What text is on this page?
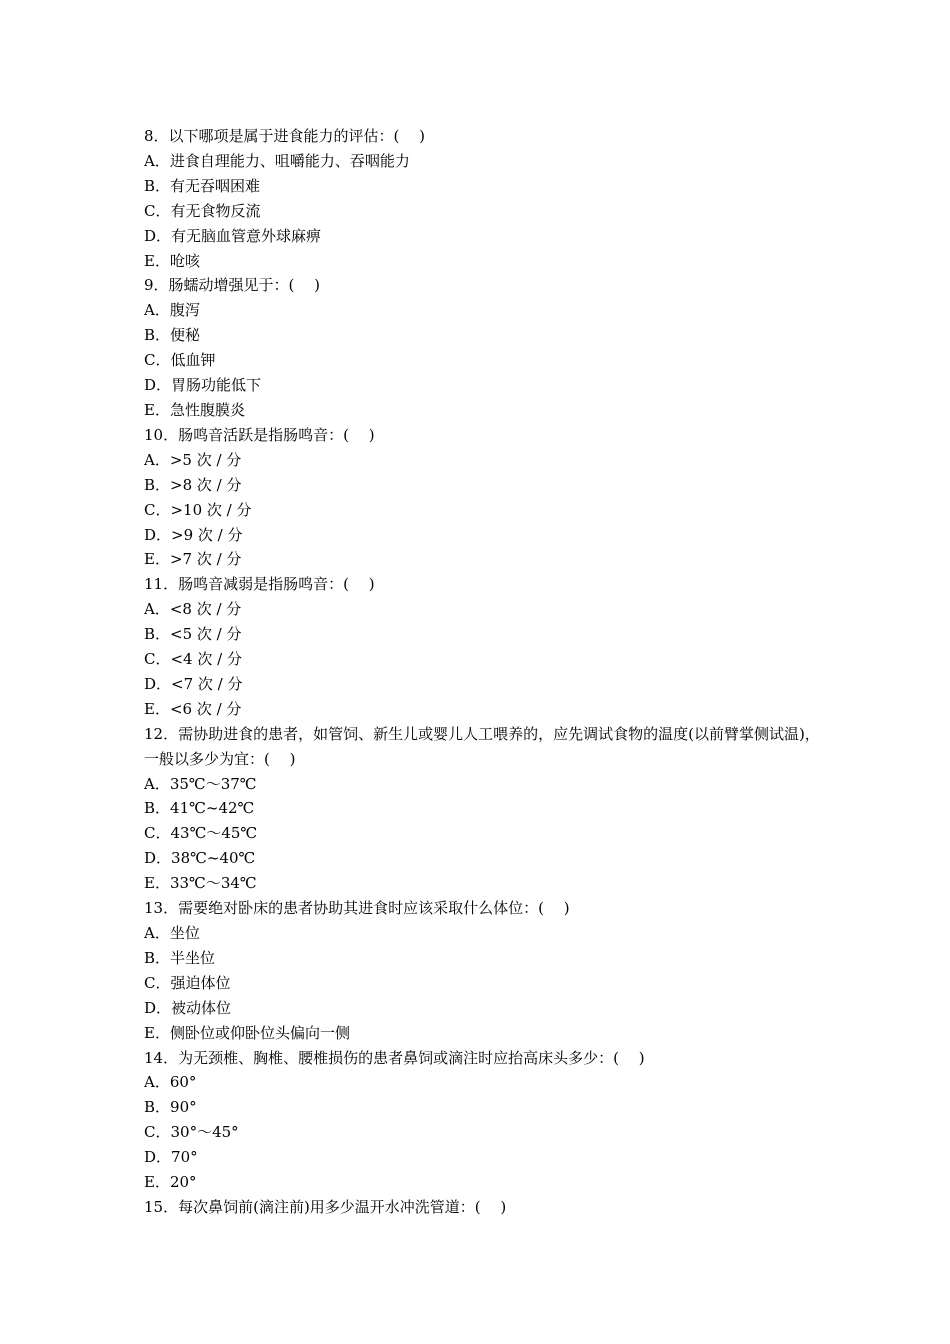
8．以下哪项是属于进食能力的评估：(　 )
A．进食自理能力、咀嚼能力、吞咽能力
B．有无吞咽困难
C．有无食物反流
D．有无脑血管意外球麻痹
E．呛咳
9．肠蠕动增强见于：(　 )
A．腹泻
B．便秘
C．低血钾
D．胃肠功能低下
E．急性腹膜炎
10．肠鸣音活跃是指肠鸣音：(　 )
A．>5 次 / 分
B．>8 次 / 分
C．>10 次 / 分
D．>9 次 / 分
E．>7 次 / 分
11．肠鸣音减弱是指肠鸣音：(　 )
A．<8 次 / 分
B．<5 次 / 分
C．<4 次 / 分
D．<7 次 / 分
E．<6 次 / 分
12．需协助进食的患者，如管饲、新生儿或婴儿人工喂养的，应先调试食物的温度(以前臂掌侧试温)，一般以多少为宜：(　 )
A．35℃～37℃
B．41℃~42℃
C．43℃～45℃
D．38℃~40℃
E．33℃～34℃
13．需要绝对卧床的患者协助其进食时应该采取什么体位：(　 )
A．坐位
B．半坐位
C．强迫体位
D．被动体位
E．侧卧位或仰卧位头偏向一侧
14．为无颈椎、胸椎、腰椎损伤的患者鼻饲或滴注时应抬高床头多少：(　 )
A．60°
B．90°
C．30°～45°
D．70°
E．20°
15．每次鼻饲前(滴注前)用多少温开水冲洗管道：(　 )
